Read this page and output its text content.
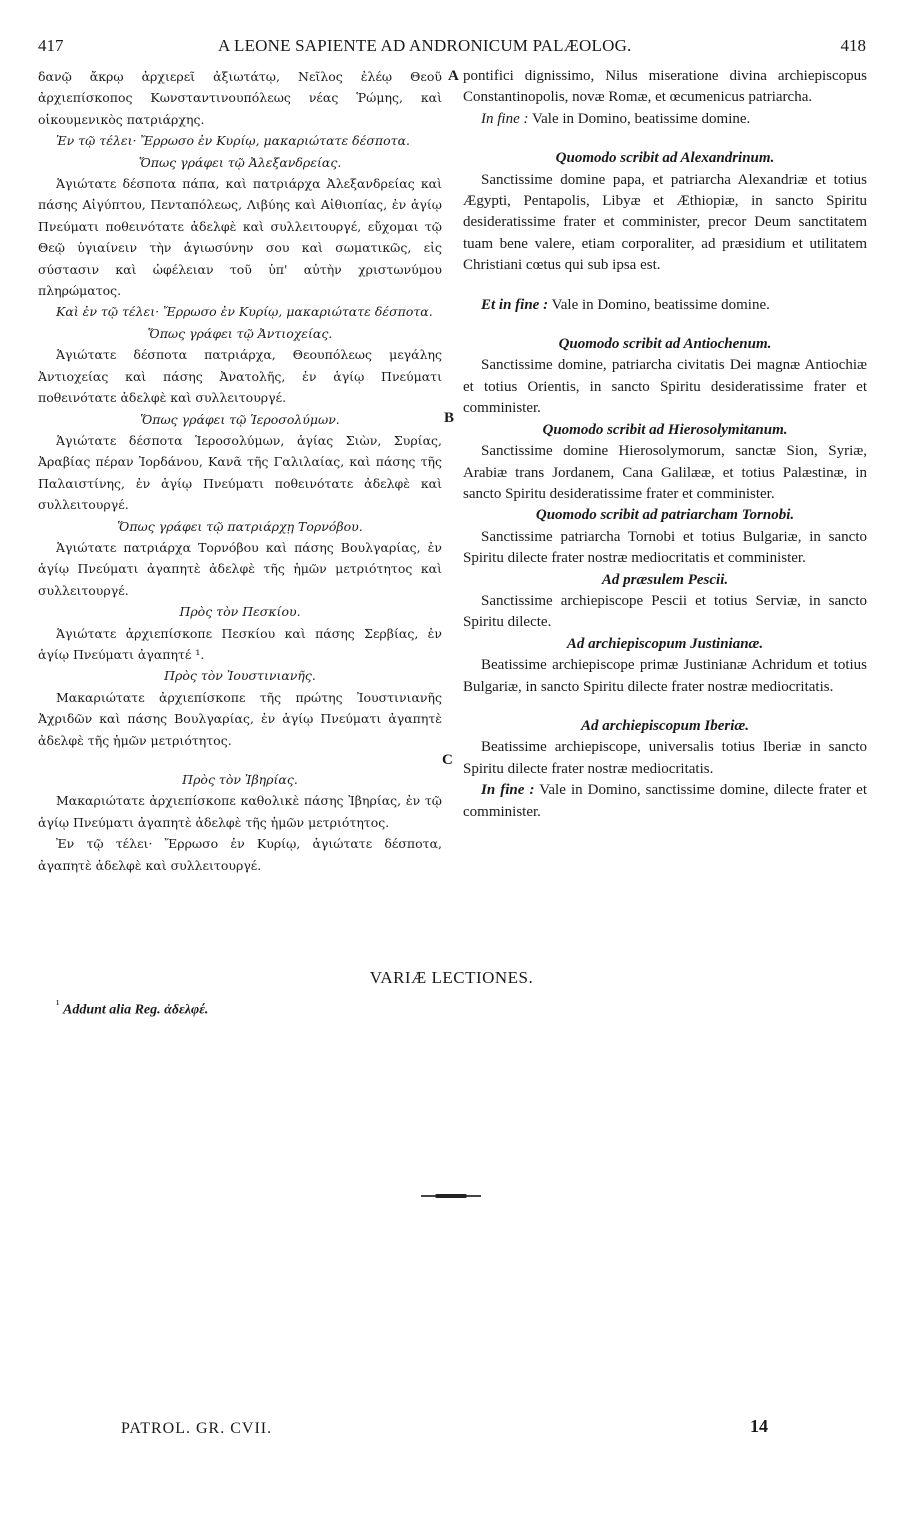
417	A LEONE SAPIENTE AD ANDRONICUM PALÆOLOG.	418
A
B
C

δανῷ ἄκρῳ ἀρχιερεῖ ἀξιωτάτῳ, Νεῖλος ἐλέῳ Θεοῦ ἀρχιεπίσκοπος Κωνσταντινουπόλεως νέας Ῥώμης, καὶ οἰκουμενικὸς πατριάρχης.

Ἐν τῷ τέλει· Ἔρρωσο ἐν Κυρίῳ, μακαριώτατε δέσποτα.

Ὅπως γράφει τῷ Ἀλεξανδρείας.

Ἁγιώτατε δέσποτα πάπα, καὶ πατριάρχα Ἀλεξανδρείας καὶ πάσης Αἰγύπτου, Πενταπόλεως, Λιβύης καὶ Αἰθιοπίας, ἐν ἁγίῳ Πνεύματι ποθεινότατε ἀδελφὲ καὶ συλλειτουργέ, εὔχομαι τῷ Θεῷ ὑγιαίνειν τὴν ἁγιωσύνην σου καὶ σωματικῶς, εἰς σύστασιν καὶ ὠφέλειαν τοῦ ὑπ' αὐτὴν χριστωνύμου πληρώματος.

Καὶ ἐν τῷ τέλει· Ἔρρωσο ἐν Κυρίῳ, μακαριώτατε δέσποτα.

Ὅπως γράφει τῷ Ἀντιοχείας.

Ἁγιώτατε δέσποτα πατριάρχα, Θεουπόλεως μεγάλης Ἀντιοχείας καὶ πάσης Ἀνατολῆς, ἐν ἁγίῳ Πνεύματι ποθεινότατε ἀδελφὲ καὶ συλλειτουργέ.

Ὅπως γράφει τῷ Ἱεροσολύμων.

Ἁγιώτατε δέσποτα Ἱεροσολύμων, ἁγίας Σιὼν, Συρίας, Ἀραβίας πέραν Ἰορδάνου, Κανᾶ τῆς Γαλιλαίας, καὶ πάσης τῆς Παλαιστίνης, ἐν ἁγίῳ Πνεύματι ποθεινότατε ἀδελφὲ καὶ συλλειτουργέ.

Ὅπως γράφει τῷ πατριάρχῃ Τορνόβου.

Ἁγιώτατε πατριάρχα Τορνόβου καὶ πάσης Βουλγαρίας, ἐν ἁγίῳ Πνεύματι ἀγαπητὲ ἀδελφὲ τῆς ἡμῶν μετριότητος καὶ συλλειτουργέ.

Πρὸς τὸν Πεσκίου.

Ἁγιώτατε ἀρχιεπίσκοπε Πεσκίου καὶ πάσης Σερβίας, ἐν ἁγίῳ Πνεύματι ἀγαπητέ ¹.

Πρὸς τὸν Ἰουστινιανῆς.

Μακαριώτατε ἀρχιεπίσκοπε τῆς πρώτης Ἰουστινιανῆς Ἀχριδῶν καὶ πάσης Βουλγαρίας, ἐν ἁγίῳ Πνεύματι ἀγαπητὲ ἀδελφὲ τῆς ἡμῶν μετριότητος.

Πρὸς τὸν Ἰβηρίας.

Μακαριώτατε ἀρχιεπίσκοπε καθολικὲ πάσης Ἰβηρίας, ἐν τῷ ἁγίῳ Πνεύματι ἀγαπητὲ ἀδελφὲ τῆς ἡμῶν μετριότητος.

Ἐν τῷ τέλει· Ἔρρωσο ἐν Κυρίῳ, ἁγιώτατε δέσποτα, ἀγαπητὲ ἀδελφὲ καὶ συλλειτουργέ.

pontifici dignissimo, Nilus miseratione divina archiepiscopus Constantinopolis, novæ Romæ, et œcumenicus patriarcha.

In fine : Vale in Domino, beatissime domine.

Quomodo scribit ad Alexandrinum.

Sanctissime domine papa, et patriarcha Alexandriæ et totius Ægypti, Pentapolis, Libyæ et Æthiopiæ, in sancto Spiritu desideratissime frater et comminister, precor Deum sanctitatem tuam bene valere, etiam corporaliter, ad præsidium et utilitatem Christiani cœtus qui sub ipsa est.

Et in fine : Vale in Domino, beatissime domine.

Quomodo scribit ad Antiochenum.

Sanctissime domine, patriarcha civitatis Dei magnæ Antiochiæ et totius Orientis, in sancto Spiritu desideratissime frater et comminister.

Quomodo scribit ad Hierosolymitanum.

Sanctissime domine Hierosolymorum, sanctæ Sion, Syriæ, Arabiæ trans Jordanem, Cana Galilææ, et totius Palæstinæ, in sancto Spiritu desideratissime frater et comminister.

Quomodo scribit ad patriarcham Tornobi.

Sanctissime patriarcha Tornobi et totius Bulgariæ, in sancto Spiritu dilecte frater nostræ mediocritatis et comminister.

Ad præsulem Pescii.

Sanctissime archiepiscope Pescii et totius Serviæ, in sancto Spiritu dilecte.

Ad archiepiscopum Justinianæ.

Beatissime archiepiscope primæ Justinianæ Achridum et totius Bulgariæ, in sancto Spiritu dilecte frater nostræ mediocritatis.

Ad archiepiscopum Iberiæ.

Beatissime archiepiscope, universalis totius Iberiæ in sancto Spiritu dilecte frater nostræ mediocritatis.

In fine : Vale in Domino, sanctissime domine, dilecte frater et comminister.

VARIÆ LECTIONES.
$^{^1}$ Addunt alia Reg. ἀδελφέ.
PATROL. GR. CVII.	14
